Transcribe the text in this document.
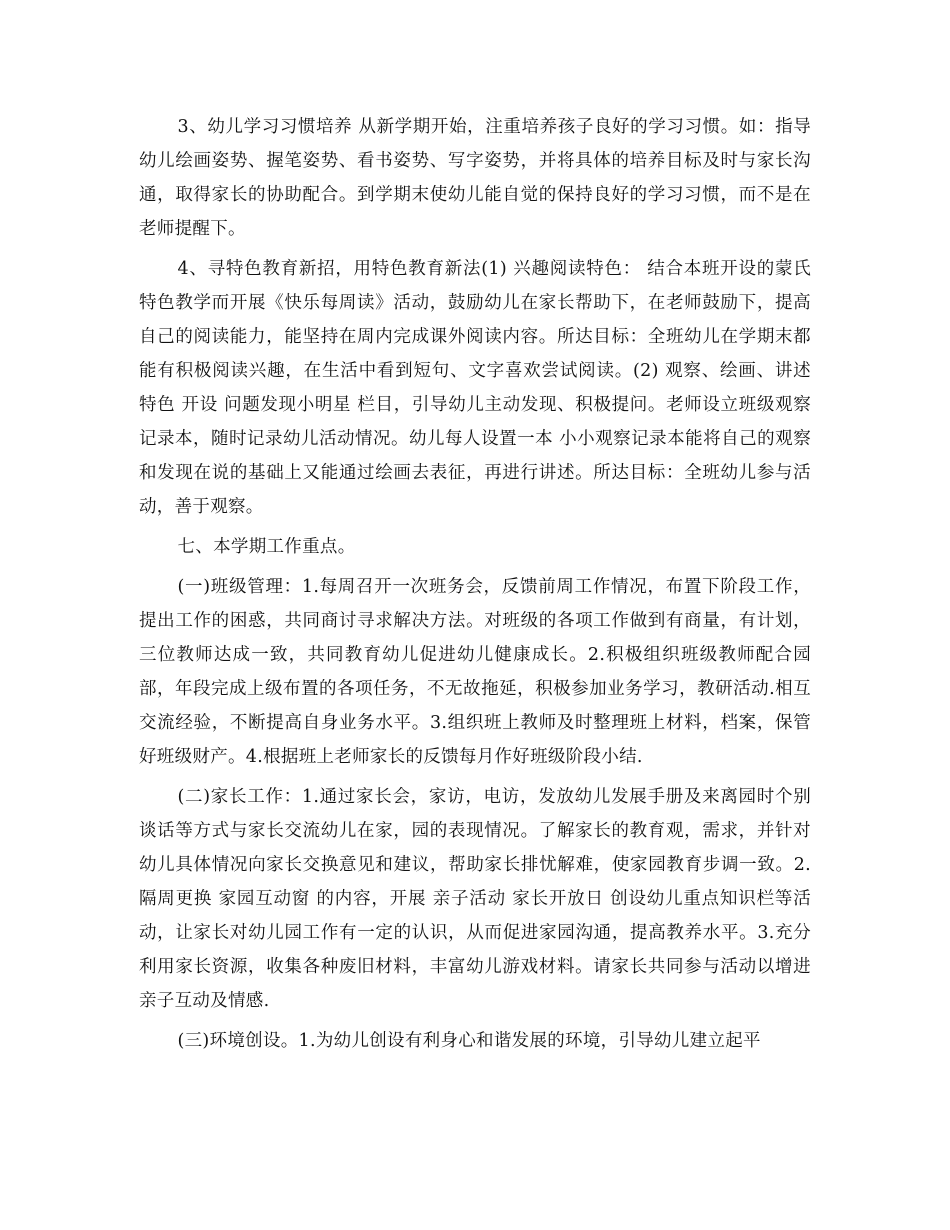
3、幼儿学习习惯培养 从新学期开始，注重培养孩子良好的学习习惯。如：指导幼儿绘画姿势、握笔姿势、看书姿势、写字姿势，并将具体的培养目标及时与家长沟通，取得家长的协助配合。到学期末使幼儿能自觉的保持良好的学习习惯，而不是在老师提醒下。

4、寻特色教育新招，用特色教育新法(1) 兴趣阅读特色： 结合本班开设的蒙氏特色教学而开展《快乐每周读》活动，鼓励幼儿在家长帮助下，在老师鼓励下，提高自己的阅读能力，能坚持在周内完成课外阅读内容。所达目标：全班幼儿在学期末都能有积极阅读兴趣，在生活中看到短句、文字喜欢尝试阅读。(2) 观察、绘画、讲述特色 开设 问题发现小明星 栏目，引导幼儿主动发现、积极提问。老师设立班级观察记录本，随时记录幼儿活动情况。幼儿每人设置一本 小小观察记录本能将自己的观察和发现在说的基础上又能通过绘画去表征，再进行讲述。所达目标：全班幼儿参与活动，善于观察。

七、本学期工作重点。

(一)班级管理：1.每周召开一次班务会，反馈前周工作情况，布置下阶段工作，提出工作的困惑，共同商讨寻求解决方法。对班级的各项工作做到有商量，有计划，三位教师达成一致，共同教育幼儿促进幼儿健康成长。2.积极组织班级教师配合园部，年段完成上级布置的各项任务，不无故拖延，积极参加业务学习，教研活动.相互交流经验，不断提高自身业务水平。3.组织班上教师及时整理班上材料，档案，保管好班级财产。4.根据班上老师家长的反馈每月作好班级阶段小结.

(二)家长工作：1.通过家长会，家访，电访，发放幼儿发展手册及来离园时个别谈话等方式与家长交流幼儿在家，园的表现情况。了解家长的教育观，需求，并针对幼儿具体情况向家长交换意见和建议，帮助家长排忧解难，使家园教育步调一致。2.隔周更换 家园互动窗 的内容，开展 亲子活动 家长开放日 创设幼儿重点知识栏等活动，让家长对幼儿园工作有一定的认识，从而促进家园沟通，提高教养水平。3.充分利用家长资源，收集各种废旧材料，丰富幼儿游戏材料。请家长共同参与活动以增进亲子互动及情感.

(三)环境创设。1.为幼儿创设有利身心和谐发展的环境，引导幼儿建立起平
